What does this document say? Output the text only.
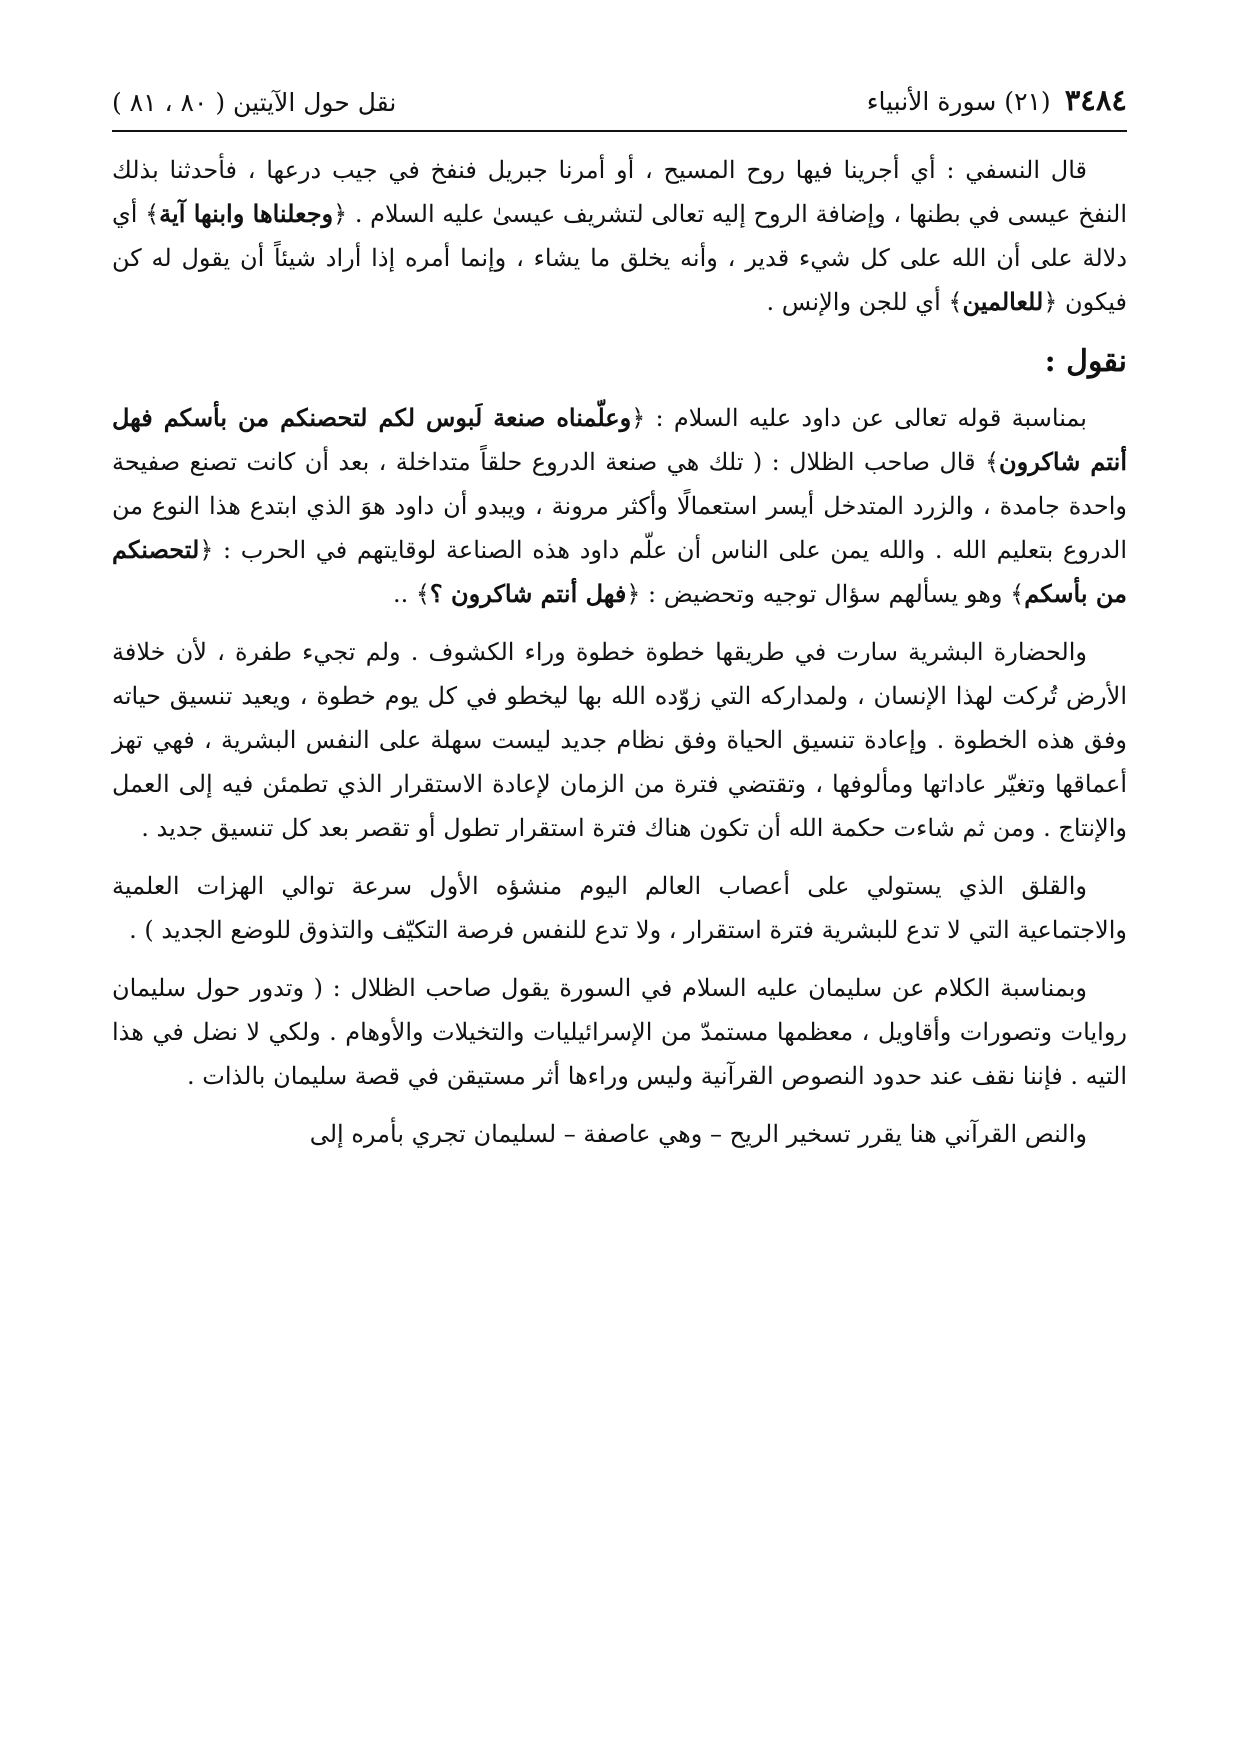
٣٤٨٤
(٢١) سورة الأنبياء
نقل حول الآيتين ( ٨٠ ، ٨١ )

قال النسفي : أي أجرينا فيها روح المسيح ، أو أمرنا جبريل فنفخ في جيب درعها ، فأحدثنا بذلك النفخ عيسى في بطنها ، وإضافة الروح إليه تعالى لتشريف عيسىٰ عليه السلام . ﴿وجعلناها وابنها آية﴾ أي دلالة على أن الله على كل شيء قدير ، وأنه يخلق ما يشاء ، وإنما أمره إذا أراد شيئاً أن يقول له كن فيكون ﴿للعالمين﴾ أي للجن والإنس .

نقول :

بمناسبة قوله تعالى عن داود عليه السلام : ﴿وعلّمناه صنعة لَبوس لكم لتحصنكم من بأسكم فهل أنتم شاكرون﴾ قال صاحب الظلال : ( تلك هي صنعة الدروع حلقاً متداخلة ، بعد أن كانت تصنع صفيحة واحدة جامدة ، والزرد المتدخل أيسر استعمالًا وأكثر مرونة ، ويبدو أن داود هوَ الذي ابتدع هذا النوع من الدروع بتعليم الله . والله يمن على الناس أن علّم داود هذه الصناعة لوقايتهم في الحرب : ﴿لتحصنكم من بأسكم﴾ وهو يسألهم سؤال توجيه وتحضيض : ﴿فهل أنتم شاكرون ؟﴾ ..

والحضارة البشرية سارت في طريقها خطوة خطوة وراء الكشوف . ولم تجيء طفرة ، لأن خلافة الأرض تُركت لهذا الإنسان ، ولمداركه التي زوّده الله بها ليخطو في كل يوم خطوة ، ويعيد تنسيق حياته وفق هذه الخطوة . وإعادة تنسيق الحياة وفق نظام جديد ليست سهلة على النفس البشرية ، فهي تهز أعماقها وتغيّر عاداتها ومألوفها ، وتقتضي فترة من الزمان لإعادة الاستقرار الذي تطمئن فيه إلى العمل والإنتاج . ومن ثم شاءت حكمة الله أن تكون هناك فترة استقرار تطول أو تقصر بعد كل تنسيق جديد .

والقلق الذي يستولي على أعصاب العالم اليوم منشؤه الأول سرعة توالي الهزات العلمية والاجتماعية التي لا تدع للبشرية فترة استقرار ، ولا تدع للنفس فرصة التكيّف والتذوق للوضع الجديد ) .

وبمناسبة الكلام عن سليمان عليه السلام في السورة يقول صاحب الظلال : ( وتدور حول سليمان روايات وتصورات وأقاويل ، معظمها مستمدّ من الإسرائيليات والتخيلات والأوهام . ولكي لا نضل في هذا التيه . فإننا نقف عند حدود النصوص القرآنية وليس وراءها أثر مستيقن في قصة سليمان بالذات .

والنص القرآني هنا يقرر تسخير الريح – وهي عاصفة – لسليمان تجري بأمره إلى
